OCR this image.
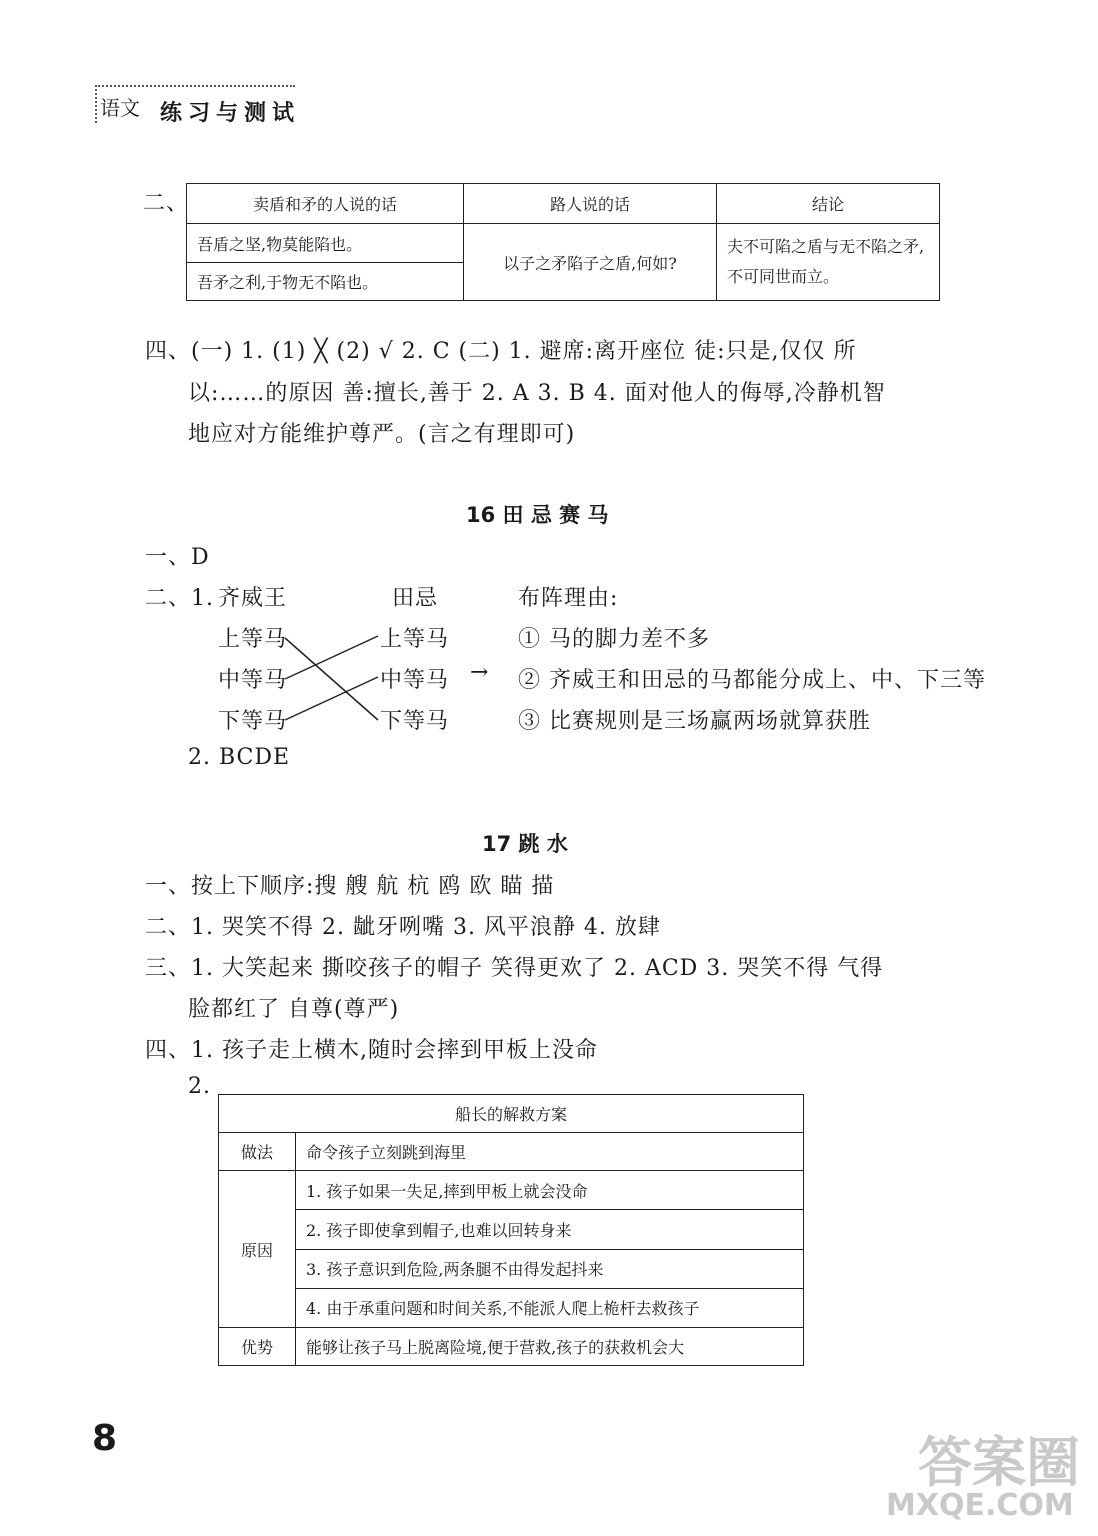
语文 练习与测试
二、	卖盾和矛的人说的话	路人说的话	结论
吾盾之坚,物莫能陷也。	以子之矛陷子之盾,何如?	夫不可陷之盾与无不陷之矛,
不可同世而立。

吾矛之利,于物无不陷也。		
四、(一) 1. (1) ╳ (2) √ 2. C (二) 1. 避席:离开座位 徒:只是,仅仅 所
以:……的原因 善:擅长,善于 2. A 3. B 4. 面对他人的侮辱,冷静机智
地应对方能维护尊严。(言之有理即可)
16 田 忌 赛 马
一、D
二、1. 齐威王	田忌	布阵理由:
上等马
中等马
下等马
上等马
中等马
下等马
→
① 马的脚力差不多
② 齐威王和田忌的马都能分成上、中、下三等
③ 比赛规则是三场赢两场就算获胜
2. BCDE
17 跳 水
一、按上下顺序:搜 艘 航 杭 鸥 欧 瞄 描
二、1. 哭笑不得 2. 龇牙咧嘴 3. 风平浪静 4. 放肆
三、1. 大笑起来 撕咬孩子的帽子 笑得更欢了 2. ACD 3. 哭笑不得 气得
脸都红了 自尊(尊严)
四、1. 孩子走上横木,随时会摔到甲板上没命
2.
船长的解救方案	
做法	命令孩子立刻跳到海里
原因	1. 孩子如果一失足,摔到甲板上就会没命
	2. 孩子即使拿到帽子,也难以回转身来
	3. 孩子意识到危险,两条腿不由得发起抖来
	4. 由于承重问题和时间关系,不能派人爬上桅杆去救孩子
优势	能够让孩子马上脱离险境,便于营救,孩子的获救机会大
8	答案圈
MXQE.COM
